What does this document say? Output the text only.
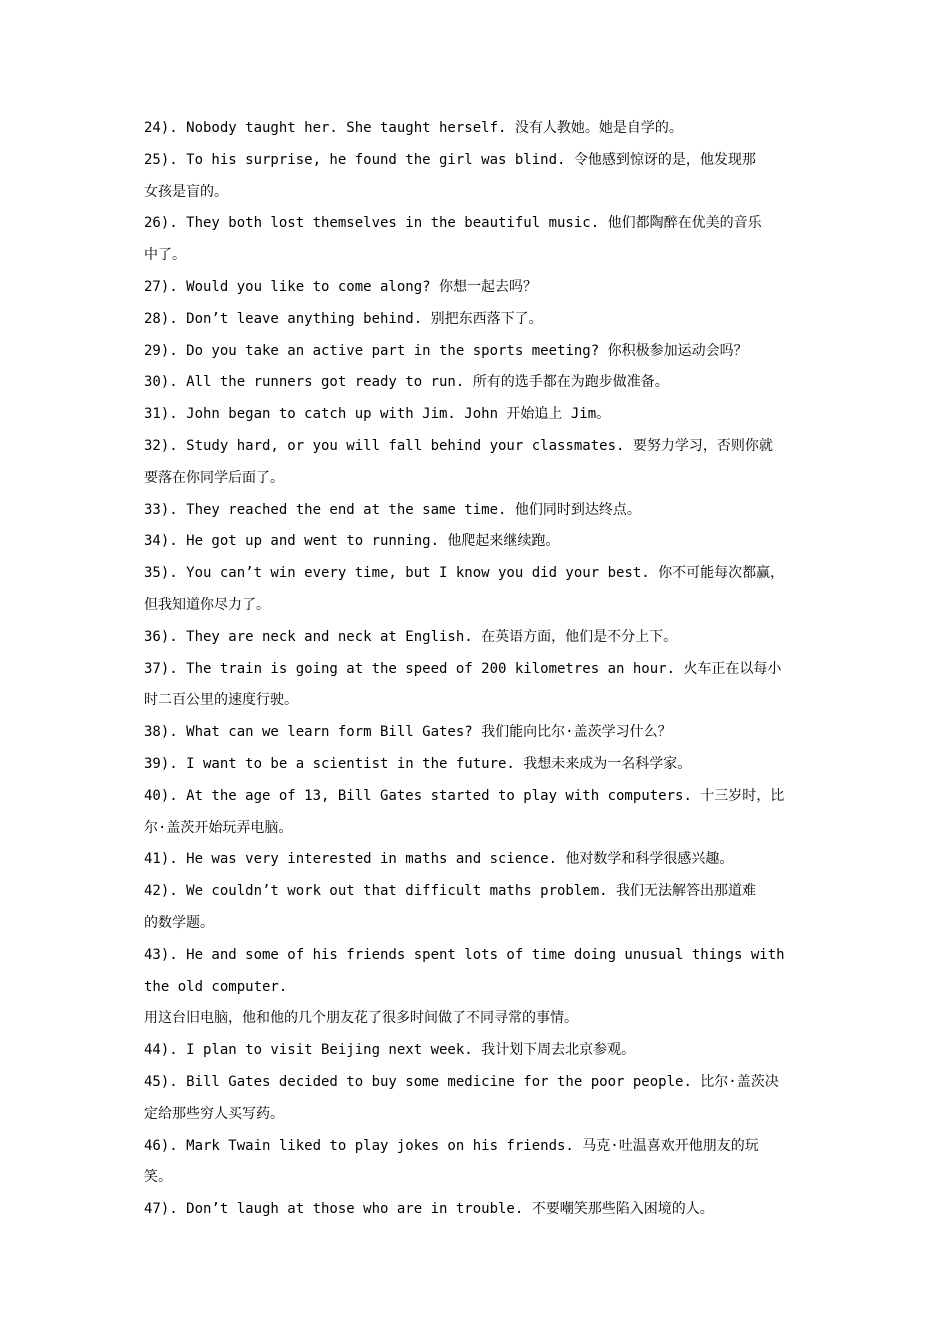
24). Nobody taught her. She taught herself. 没有人教她。她是自学的。
25). To his surprise, he found the girl was blind. 令他感到惊讶的是，他发现那
女孩是盲的。
26). They both lost themselves in the beautiful music. 他们都陶醉在优美的音乐
中了。
27). Would you like to come along? 你想一起去吗？
28). Don’t leave anything behind. 别把东西落下了。
29). Do you take an active part in the sports meeting? 你积极参加运动会吗？
30). All the runners got ready to run. 所有的选手都在为跑步做准备。
31). John began to catch up with Jim. John 开始追上 Jim。
32). Study hard, or you will fall behind your classmates. 要努力学习，否则你就
要落在你同学后面了。
33). They reached the end at the same time. 他们同时到达终点。
34). He got up and went to running. 他爬起来继续跑。
35). You can’t win every time, but I know you did your best. 你不可能每次都赢，
但我知道你尽力了。
36). They are neck and neck at English. 在英语方面，他们是不分上下。
37). The train is going at the speed of 200 kilometres an hour. 火车正在以每小
时二百公里的速度行驶。
38). What can we learn form Bill Gates? 我们能向比尔·盖茨学习什么？
39). I want to be a scientist in the future. 我想未来成为一名科学家。
40). At the age of 13, Bill Gates started to play with computers. 十三岁时，比
尔·盖茨开始玩弄电脑。
41). He was very interested in maths and science. 他对数学和科学很感兴趣。
42). We couldn’t work out that difficult maths problem. 我们无法解答出那道难
的数学题。
43). He and some of his friends spent lots of time doing unusual things with
the old computer.
用这台旧电脑，他和他的几个朋友花了很多时间做了不同寻常的事情。
44). I plan to visit Beijing next week. 我计划下周去北京参观。
45). Bill Gates decided to buy some medicine for the poor people. 比尔·盖茨决
定给那些穷人买写药。
46). Mark Twain liked to play jokes on his friends. 马克·吐温喜欢开他朋友的玩
笑。
47). Don’t laugh at those who are in trouble. 不要嘲笑那些陷入困境的人。
